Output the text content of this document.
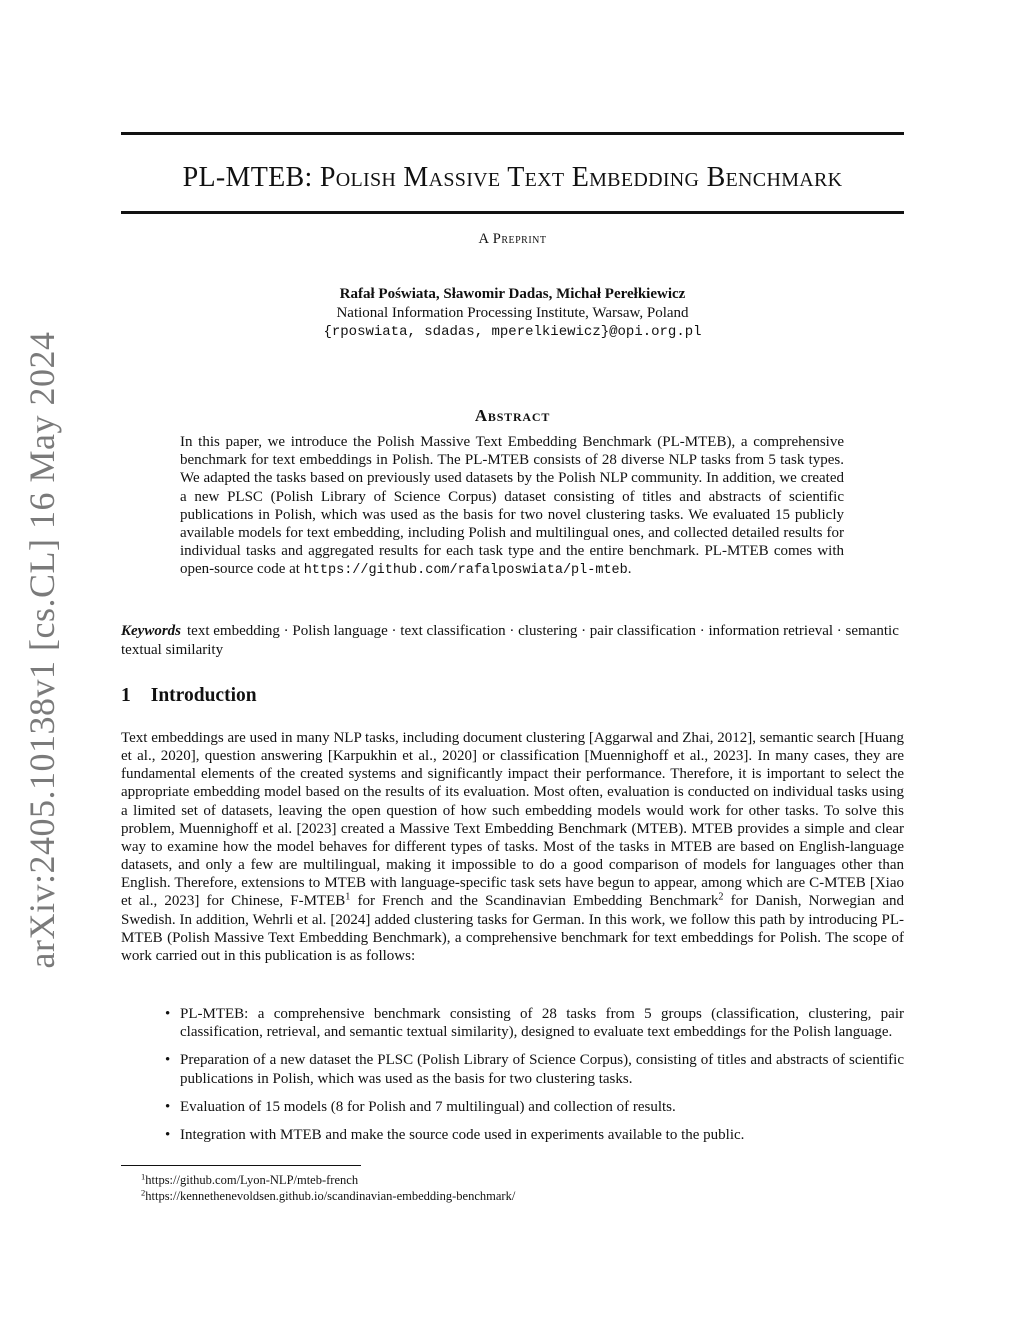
arXiv:2405.10138v1 [cs.CL] 16 May 2024
PL-MTEB: Polish Massive Text Embedding Benchmark
A Preprint
Rafał Poświata, Sławomir Dadas, Michał Perełkiewicz
National Information Processing Institute, Warsaw, Poland
{rposwiata, sdadas, mperelkiewicz}@opi.org.pl
Abstract
In this paper, we introduce the Polish Massive Text Embedding Benchmark (PL-MTEB), a comprehensive benchmark for text embeddings in Polish. The PL-MTEB consists of 28 diverse NLP tasks from 5 task types. We adapted the tasks based on previously used datasets by the Polish NLP community. In addition, we created a new PLSC (Polish Library of Science Corpus) dataset consisting of titles and abstracts of scientific publications in Polish, which was used as the basis for two novel clustering tasks. We evaluated 15 publicly available models for text embedding, including Polish and multilingual ones, and collected detailed results for individual tasks and aggregated results for each task type and the entire benchmark. PL-MTEB comes with open-source code at https://github.com/rafalposwiata/pl-mteb.
Keywords text embedding · Polish language · text classification · clustering · pair classification · information retrieval · semantic textual similarity
1 Introduction

Text embeddings are used in many NLP tasks, including document clustering [Aggarwal and Zhai, 2012], semantic search [Huang et al., 2020], question answering [Karpukhin et al., 2020] or classification [Muennighoff et al., 2023]. In many cases, they are fundamental elements of the created systems and significantly impact their performance. Therefore, it is important to select the appropriate embedding model based on the results of its evaluation. Most often, evaluation is conducted on individual tasks using a limited set of datasets, leaving the open question of how such embedding models would work for other tasks. To solve this problem, Muennighoff et al. [2023] created a Massive Text Embedding Benchmark (MTEB). MTEB provides a simple and clear way to examine how the model behaves for different types of tasks. Most of the tasks in MTEB are based on English-language datasets, and only a few are multilingual, making it impossible to do a good comparison of models for languages other than English. Therefore, extensions to MTEB with language-specific task sets have begun to appear, among which are C-MTEB [Xiao et al., 2023] for Chinese, F-MTEB$^1$ for French and the Scandinavian Embedding Benchmark$^2$ for Danish, Norwegian and Swedish. In addition, Wehrli et al. [2024] added clustering tasks for German. In this work, we follow this path by introducing PL-MTEB (Polish Massive Text Embedding Benchmark), a comprehensive benchmark for text embeddings for Polish. The scope of work carried out in this publication is as follows:

• PL-MTEB: a comprehensive benchmark consisting of 28 tasks from 5 groups (classification, clustering, pair classification, retrieval, and semantic textual similarity), designed to evaluate text embeddings for the Polish language.
• Preparation of a new dataset the PLSC (Polish Library of Science Corpus), consisting of titles and abstracts of scientific publications in Polish, which was used as the basis for two clustering tasks.
• Evaluation of 15 models (8 for Polish and 7 multilingual) and collection of results.
• Integration with MTEB and make the source code used in experiments available to the public.
$^1$https://github.com/Lyon-NLP/mteb-french
$^2$https://kennethenevoldsen.github.io/scandinavian-embedding-benchmark/
